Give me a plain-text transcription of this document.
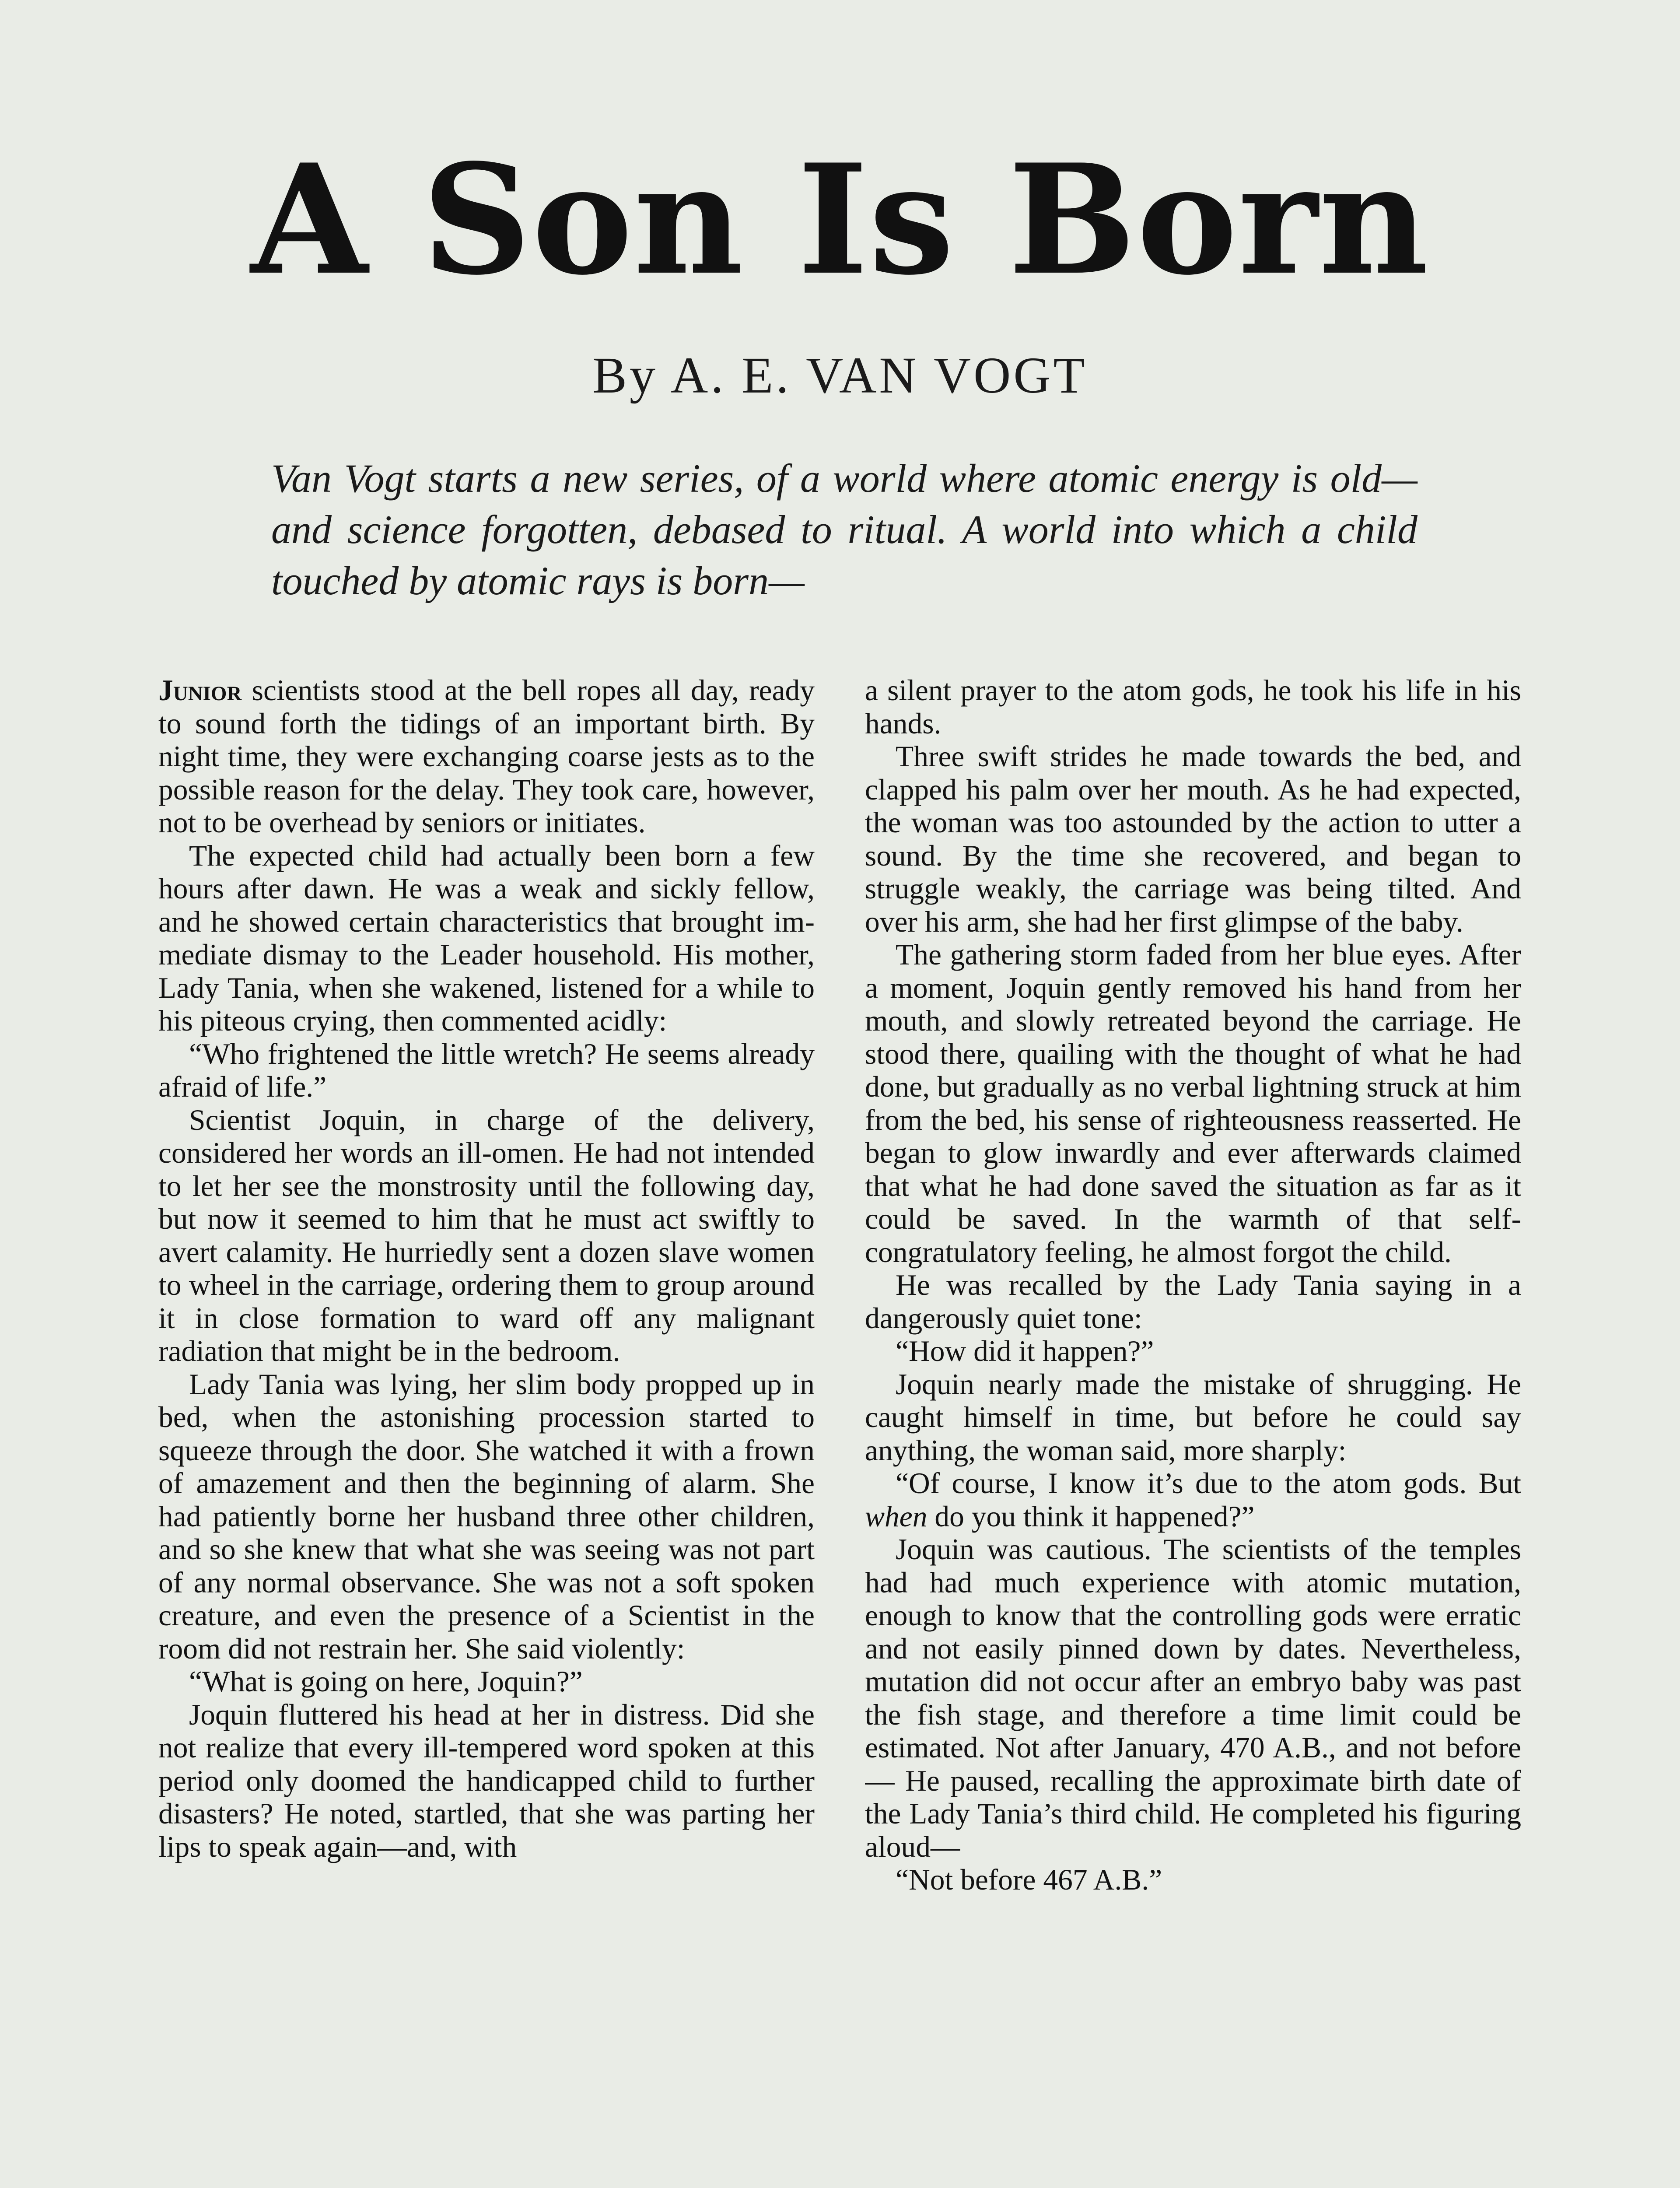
A Son Is Born
By A. E. VAN VOGT
Van Vogt starts a new series, of a world where atomic energy is old—and science forgotten, debased to ritual. A world into which a child touched by atomic rays is born—

Junior scientists stood at the bell ropes all day, ready to sound forth the tidings of an important birth. By night time, they were exchanging coarse jests as to the possible reason for the delay. They took care, however, not to be overhead by seniors or initiates.

The expected child had actually been born a few hours after dawn. He was a weak and sickly fellow, and he showed certain characteristics that brought immediate dismay to the Leader household. His mother, Lady Tania, when she wakened, listened for a while to his piteous crying, then commented acidly:

“Who frightened the little wretch? He seems already afraid of life.”

Scientist Joquin, in charge of the delivery, considered her words an ill-omen. He had not intended to let her see the monstrosity until the following day, but now it seemed to him that he must act swiftly to avert calamity. He hurriedly sent a dozen slave women to wheel in the carriage, ordering them to group around it in close formation to ward off any malignant radiation that might be in the bedroom.

Lady Tania was lying, her slim body propped up in bed, when the astonishing procession started to squeeze through the door. She watched it with a frown of amazement and then the beginning of alarm. She had patiently borne her husband three other children, and so she knew that what she was seeing was not part of any normal observance. She was not a soft spoken creature, and even the presence of a Scientist in the room did not restrain her. She said violently:

“What is going on here, Joquin?”

Joquin fluttered his head at her in distress. Did she not realize that every ill-tempered word spoken at this period only doomed the handicapped child to further disasters? He noted, startled, that she was parting her lips to speak again—and, with

a silent prayer to the atom gods, he took his life in his hands.

Three swift strides he made towards the bed, and clapped his palm over her mouth. As he had expected, the woman was too astounded by the action to utter a sound. By the time she recovered, and began to struggle weakly, the carriage was being tilted. And over his arm, she had her first glimpse of the baby.

The gathering storm faded from her blue eyes. After a moment, Joquin gently removed his hand from her mouth, and slowly retreated beyond the carriage. He stood there, quailing with the thought of what he had done, but gradually as no verbal lightning struck at him from the bed, his sense of righteousness reasserted. He began to glow inwardly and ever afterwards claimed that what he had done saved the situation as far as it could be saved. In the warmth of that self-congratulatory feeling, he almost forgot the child.

He was recalled by the Lady Tania saying in a dangerously quiet tone:

“How did it happen?”

Joquin nearly made the mistake of shrugging. He caught himself in time, but before he could say anything, the woman said, more sharply:

“Of course, I know it’s due to the atom gods. But when do you think it happened?”

Joquin was cautious. The scientists of the temples had had much experience with atomic mutation, enough to know that the controlling gods were erratic and not easily pinned down by dates. Nevertheless, mutation did not occur after an embryo baby was past the fish stage, and therefore a time limit could be estimated. Not after January, 470 A.B., and not before— He paused, recalling the approximate birth date of the Lady Tania’s third child. He completed his figuring aloud—

“Not before 467 A.B.”
